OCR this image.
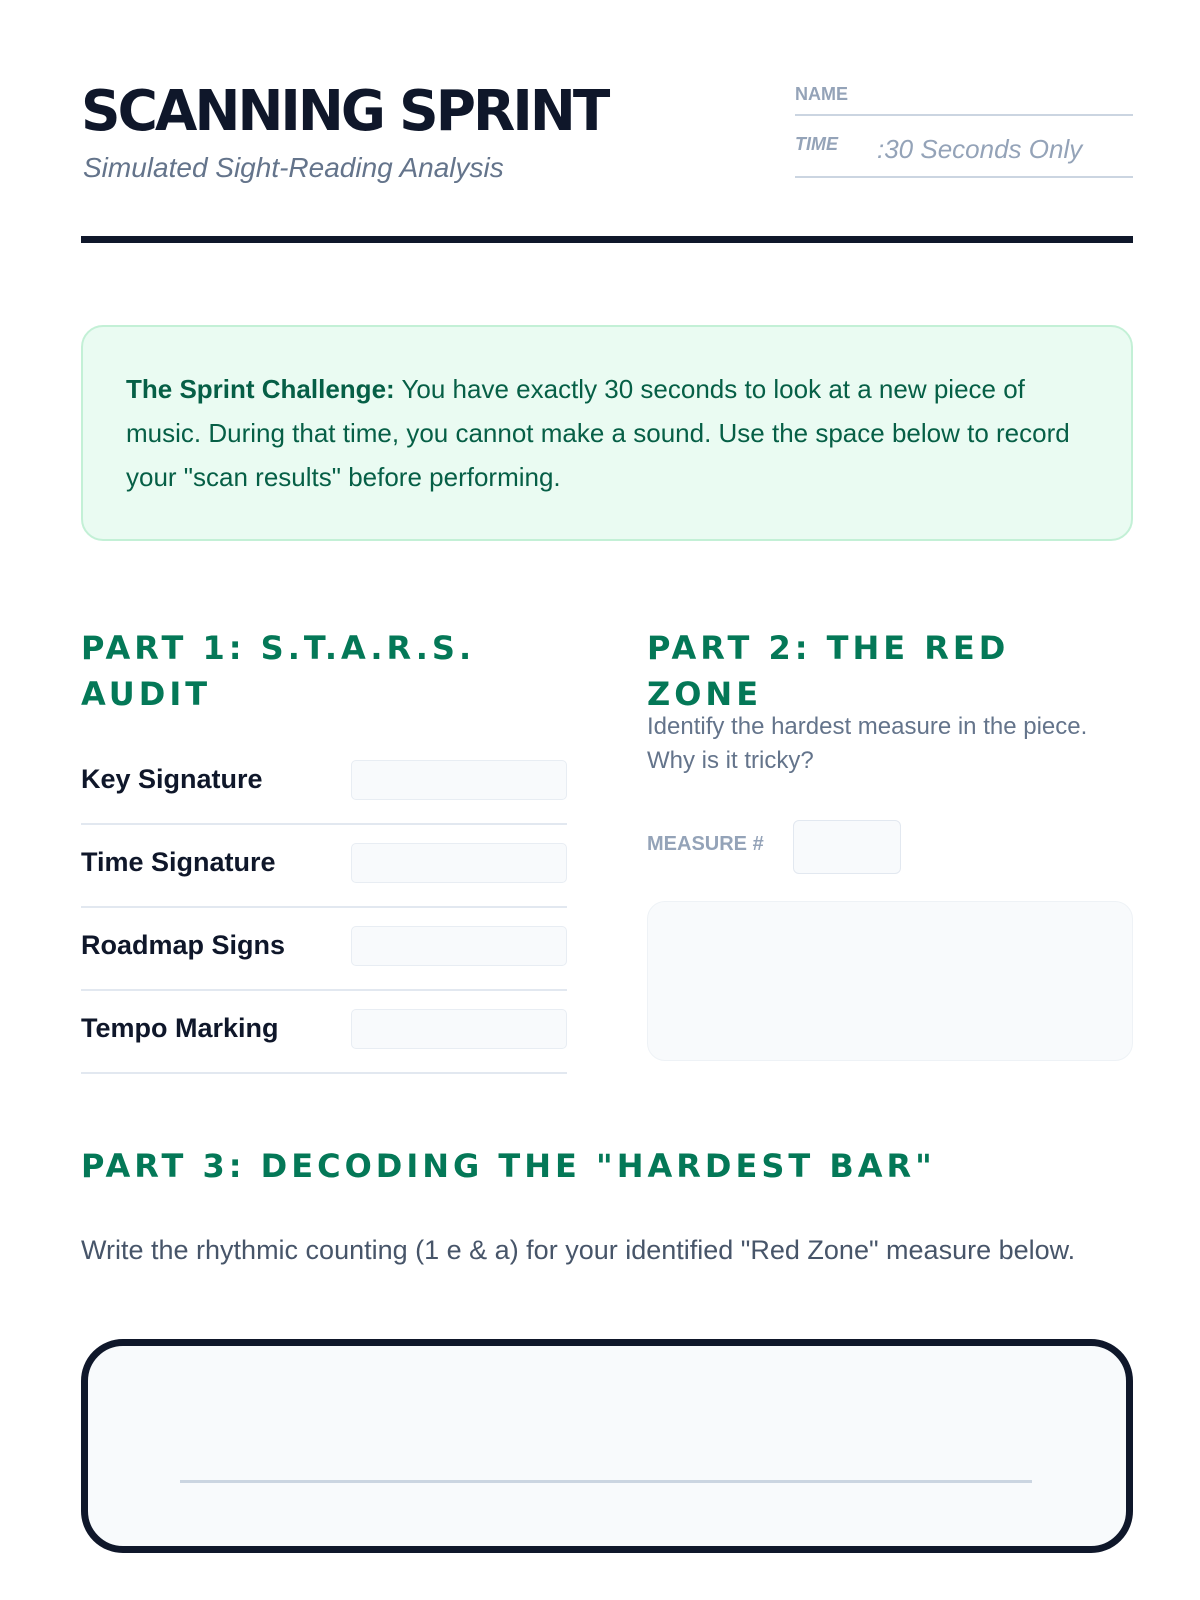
SCANNING SPRINT
Simulated Sight-Reading Analysis
NAME
TIME :30 Seconds Only

The Sprint Challenge: You have exactly 30 seconds to look at a new piece of music. During that time, you cannot make a sound. Use the space below to record your "scan results" before performing.

PART 1: S.T.A.R.S. AUDIT
Key Signature
Time Signature
Roadmap Signs
Tempo Marking
PART 2: THE RED ZONE

Identify the hardest measure in the piece. Why is it tricky?

MEASURE #
PART 3: DECODING THE "HARDEST BAR"

Write the rhythmic counting (1 e & a) for your identified "Red Zone" measure below.
